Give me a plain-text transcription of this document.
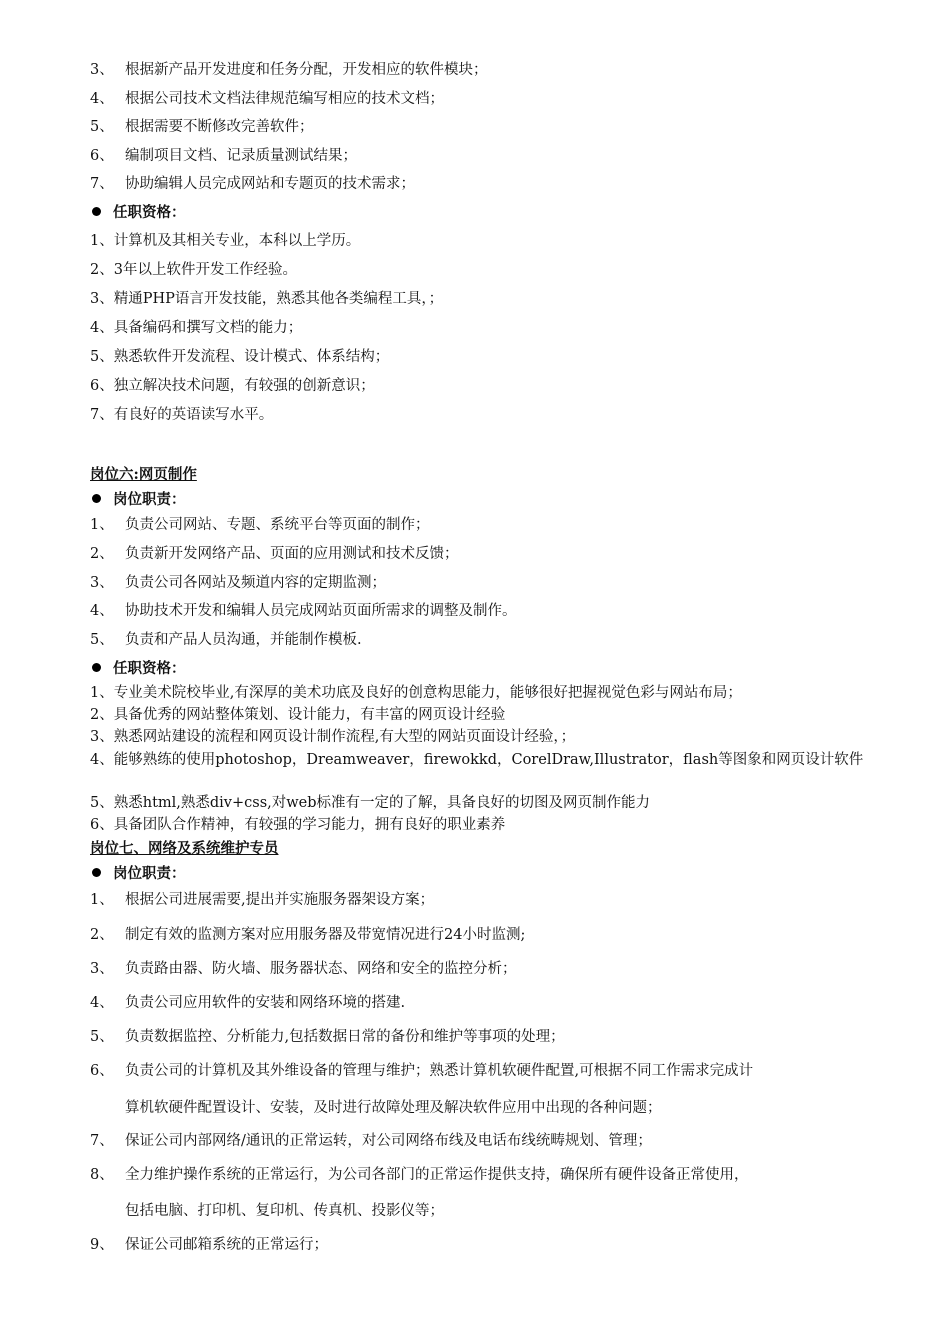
3、 根据新产品开发进度和任务分配，开发相应的软件模块；
4、 根据公司技术文档法律规范编写相应的技术文档；
5、 根据需要不断修改完善软件；
6、 编制项目文档、记录质量测试结果；
7、 协助编辑人员完成网站和专题页的技术需求；
任职资格：
1、计算机及其相关专业，本科以上学历。
2、3年以上软件开发工作经验。
3、精通PHP语言开发技能，熟悉其他各类编程工具，；
4、具备编码和撰写文档的能力；
5、熟悉软件开发流程、设计模式、体系结构；
6、独立解决技术问题，有较强的创新意识；
7、有良好的英语读写水平。
岗位六:网页制作
岗位职责：
1、 负责公司网站、专题、系统平台等页面的制作；
2、 负责新开发网络产品、页面的应用测试和技术反馈；
3、 负责公司各网站及频道内容的定期监测；
4、 协助技术开发和编辑人员完成网站页面所需求的调整及制作。
5、 负责和产品人员沟通，并能制作模板.
任职资格：
1、专业美术院校毕业,有深厚的美术功底及良好的创意构思能力，能够很好把握视觉色彩与网站布局；
2、具备优秀的网站整体策划、设计能力，有丰富的网页设计经验
3、熟悉网站建设的流程和网页设计制作流程,有大型的网站页面设计经验，；
4、能够熟练的使用photoshop，Dreamweaver，firewokkd，CorelDraw,Illustrator，flash等图象和网页设计软件
5、熟悉html,熟悉div+css,对web标准有一定的了解，具备良好的切图及网页制作能力
6、具备团队合作精神，有较强的学习能力，拥有良好的职业素养
岗位七、网络及系统维护专员
岗位职责：
1、 根据公司进展需要,提出并实施服务器架设方案；
2、 制定有效的监测方案对应用服务器及带宽情况进行24小时监测;
3、 负责路由器、防火墙、服务器状态、网络和安全的监控分析；
4、 负责公司应用软件的安装和网络环境的搭建.
5、 负责数据监控、分析能力,包括数据日常的备份和维护等事项的处理；
6、 负责公司的计算机及其外维设备的管理与维护；熟悉计算机软硬件配置,可根据不同工作需求完成计
算机软硬件配置设计、安装，及时进行故障处理及解决软件应用中出现的各种问题；
7、 保证公司内部网络/通讯的正常运转，对公司网络布线及电话布线统畴规划、管理；
8、 全力维护操作系统的正常运行，为公司各部门的正常运作提供支持，确保所有硬件设备正常使用，
包括电脑、打印机、复印机、传真机、投影仪等；
9、 保证公司邮箱系统的正常运行；
